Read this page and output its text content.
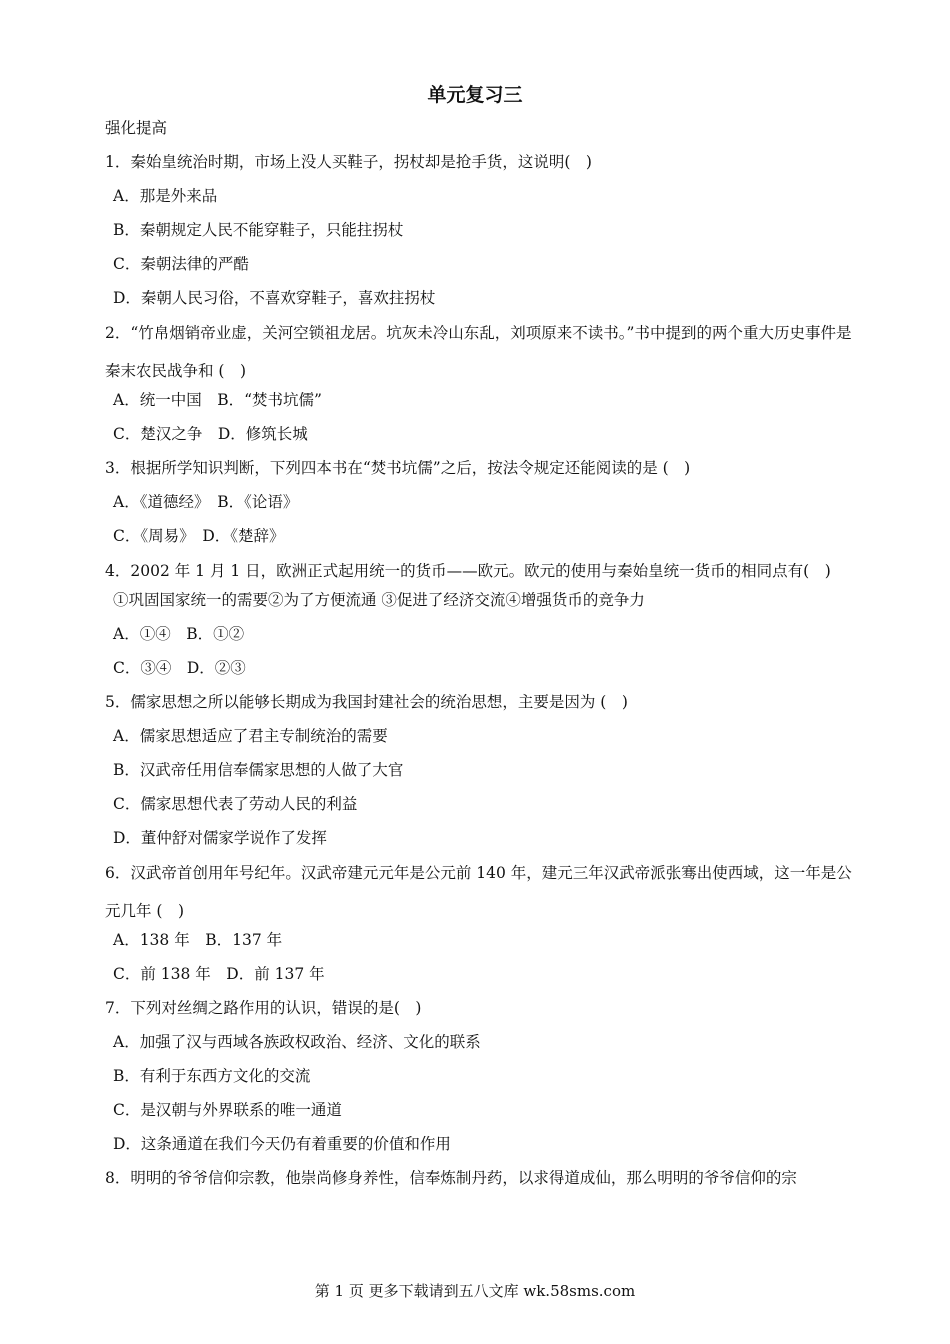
单元复习三
强化提高
1．秦始皇统治时期，市场上没人买鞋子，拐杖却是抢手货，这说明(　)
A．那是外来品
B．秦朝规定人民不能穿鞋子，只能拄拐杖
C．秦朝法律的严酷
D．秦朝人民习俗，不喜欢穿鞋子，喜欢拄拐杖
2．“竹帛烟销帝业虚，关河空锁祖龙居。坑灰未冷山东乱，刘项原来不读书。”书中提到的两个重大历史事件是秦末农民战争和 (　)
A．统一中国　B．“焚书坑儒”
C．楚汉之争　D．修筑长城
3．根据所学知识判断，下列四本书在“焚书坑儒”之后，按法令规定还能阅读的是 (　)
A．《道德经》　B．《论语》
C．《周易》　D．《楚辞》
4．2002 年 1 月 1 日，欧洲正式起用统一的货币——欧元。欧元的使用与秦始皇统一货币的相同点有(　)
①巩固国家统一的需要②为了方便流通 ③促进了经济交流④增强货币的竞争力
A．①④　B．①②
C．③④　D．②③
5．儒家思想之所以能够长期成为我国封建社会的统治思想，主要是因为 (　)
A．儒家思想适应了君主专制统治的需要
B．汉武帝任用信奉儒家思想的人做了大官
C．儒家思想代表了劳动人民的利益
D．董仲舒对儒家学说作了发挥
6．汉武帝首创用年号纪年。汉武帝建元元年是公元前 140 年，建元三年汉武帝派张骞出使西域，这一年是公元几年 (　)
A．138 年　B．137 年
C．前 138 年　D．前 137 年
7．下列对丝绸之路作用的认识，错误的是(　)
A．加强了汉与西域各族政权政治、经济、文化的联系
B．有利于东西方文化的交流
C．是汉朝与外界联系的唯一通道
D．这条通道在我们今天仍有着重要的价值和作用
8．明明的爷爷信仰宗教，他崇尚修身养性，信奉炼制丹药，以求得道成仙，那么明明的爷爷信仰的宗
第 1 页 更多下载请到五八文库 wk.58sms.com
